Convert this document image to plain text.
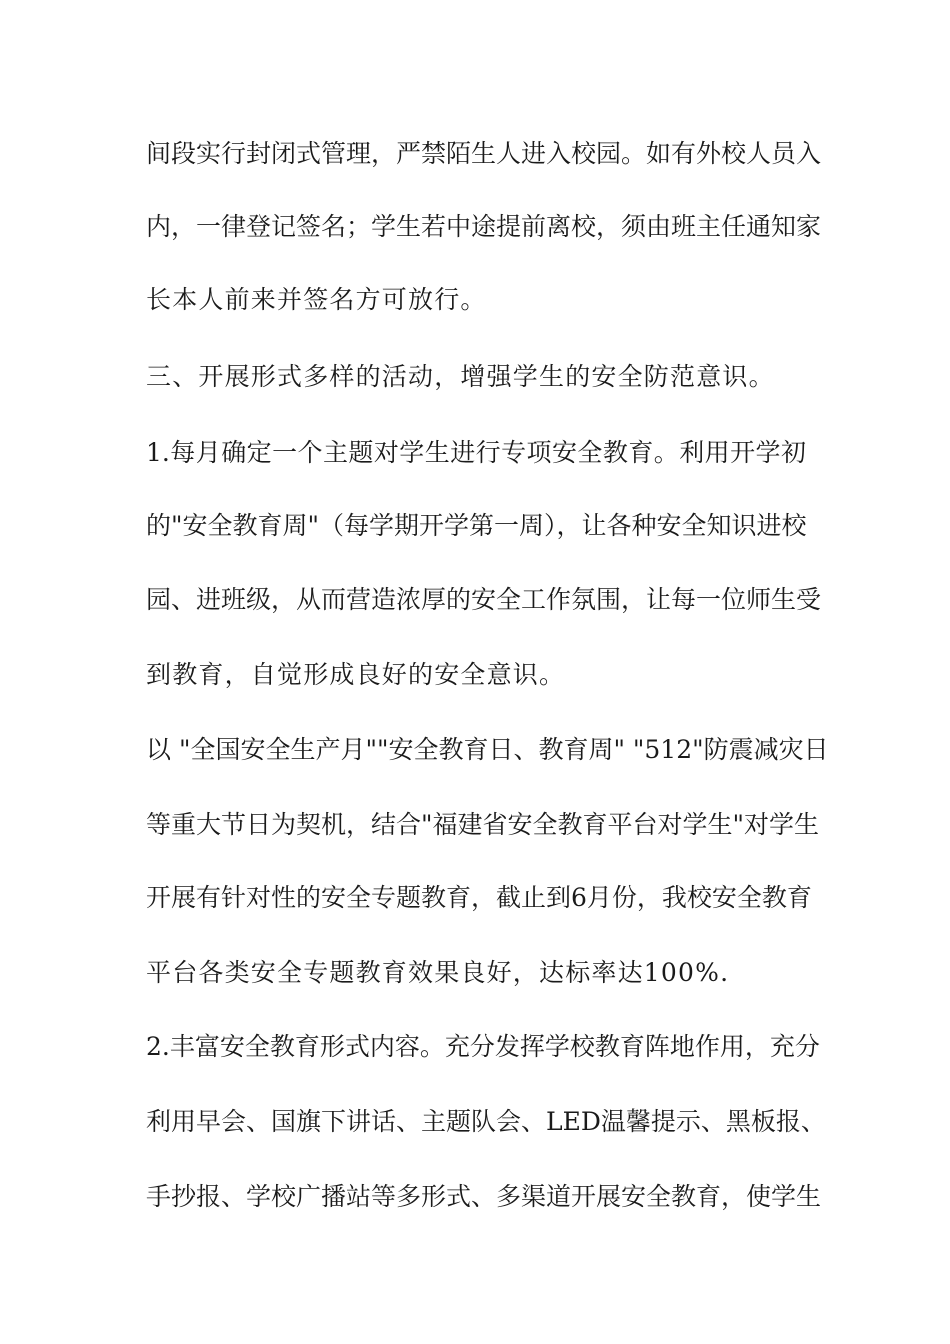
间段实行封闭式管理，严禁陌生人进入校园。如有外校人员入
内，一律登记签名；学生若中途提前离校，须由班主任通知家
长本人前来并签名方可放行。
三、开展形式多样的活动，增强学生的安全防范意识。
1.每月确定一个主题对学生进行专项安全教育。利用开学初
的"安全教育周"（每学期开学第一周），让各种安全知识进校
园、进班级，从而营造浓厚的安全工作氛围，让每一位师生受
到教育，自觉形成良好的安全意识。
以 "全国安全生产月""安全教育日、教育周" "512"防震减灾日
等重大节日为契机，结合"福建省安全教育平台对学生"对学生
开展有针对性的安全专题教育，截止到6月份，我校安全教育
平台各类安全专题教育效果良好，达标率达100%.
2.丰富安全教育形式内容。充分发挥学校教育阵地作用，充分
利用早会、国旗下讲话、主题队会、LED温馨提示、黑板报、
手抄报、学校广播站等多形式、多渠道开展安全教育，使学生
